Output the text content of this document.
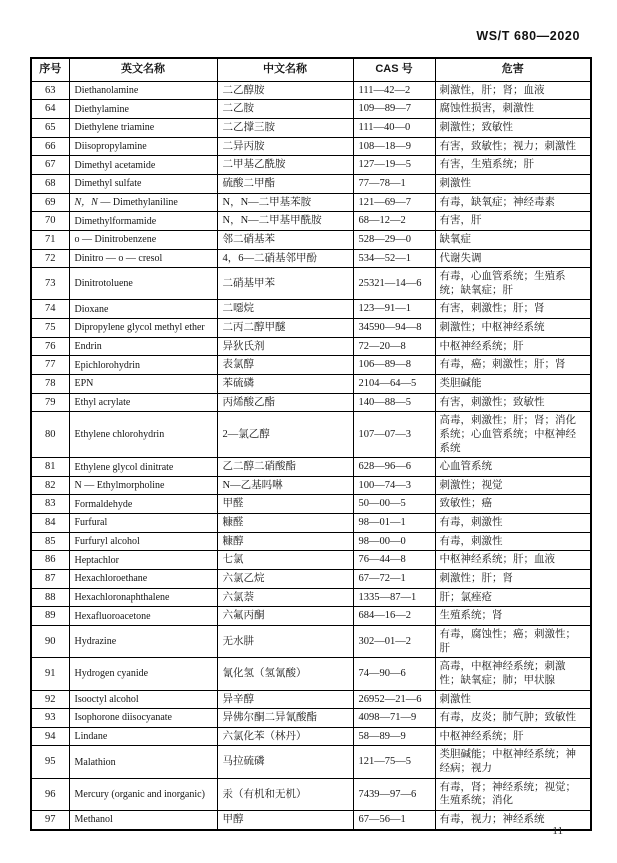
WS/T 680—2020
序号	英文名称	中文名称	CAS 号	危害
63	Diethanolamine	二乙醇胺	111—42—2	刺激性，肝；肾；血液
64	Diethylamine	二乙胺	109—89—7	腐蚀性损害，刺激性
65	Diethylene triamine	二乙撑三胺	111—40—0	刺激性；致敏性
66	Diisopropylamine	二异丙胺	108—18—9	有害，致敏性；视力；刺激性
67	Dimethyl acetamide	二甲基乙酰胺	127—19—5	有害，生殖系统；肝
68	Dimethyl sulfate	硫酸二甲酯	77—78—1	刺激性
69	N，N — Dimethylaniline	N，N—二甲基苯胺	121—69—7	有毒，缺氧症；神经毒素
70	Dimethylformamide	N，N—二甲基甲酰胺	68—12—2	有害，肝
71	o — Dinitrobenzene	邻二硝基苯	528—29—0	缺氧症
72	Dinitro — o — cresol	4，6—二硝基邻甲酚	534—52—1	代谢失调
73	Dinitrotoluene	二硝基甲苯	25321—14—6	有毒，心血管系统；生殖系统；缺氧症；肝
74	Dioxane	二噁烷	123—91—1	有害，刺激性；肝；肾
75	Dipropylene glycol methyl ether	二丙二醇甲醚	34590—94—8	刺激性；中枢神经系统
76	Endrin	异狄氏剂	72—20—8	中枢神经系统；肝
77	Epichlorohydrin	表氯醇	106—89—8	有毒，癌；刺激性；肝；肾
78	EPN	苯硫磷	2104—64—5	类胆碱能
79	Ethyl acrylate	丙烯酸乙酯	140—88—5	有害，刺激性；致敏性
80	Ethylene chlorohydrin	2—氯乙醇	107—07—3	高毒，刺激性；肝；肾；消化系统；心血管系统；中枢神经系统
81	Ethylene glycol dinitrate	乙二醇二硝酸酯	628—96—6	心血管系统
82	N — Ethylmorpholine	N—乙基吗啉	100—74—3	刺激性；视觉
83	Formaldehyde	甲醛	50—00—5	致敏性；癌
84	Furfural	糠醛	98—01—1	有毒，刺激性
85	Furfuryl alcohol	糠醇	98—00—0	有毒，刺激性
86	Heptachlor	七氯	76—44—8	中枢神经系统；肝；血液
87	Hexachloroethane	六氯乙烷	67—72—1	刺激性；肝；肾
88	Hexachloronaphthalene	六氯萘	1335—87—1	肝；氯痤疮
89	Hexafluoroacetone	六氟丙酮	684—16—2	生殖系统；肾
90	Hydrazine	无水肼	302—01—2	有毒，腐蚀性；癌；刺激性；肝
91	Hydrogen cyanide	氰化氢（氢氰酸）	74—90—6	高毒，中枢神经系统；刺激性；缺氧症；肺；甲状腺
92	Isooctyl alcohol	异辛醇	26952—21—6	刺激性
93	Isophorone diisocyanate	异佛尔酮二异氰酸酯	4098—71—9	有毒，皮炎；肺气肿；致敏性
94	Lindane	六氯化苯（林丹）	58—89—9	中枢神经系统；肝
95	Malathion	马拉硫磷	121—75—5	类胆碱能；中枢神经系统；神经病；视力
96	Mercury (organic and inorganic)	汞（有机和无机）	7439—97—6	有毒，肾；神经系统；视觉；生殖系统；消化
97	Methanol	甲醇	67—56—1	有毒，视力；神经系统
11
